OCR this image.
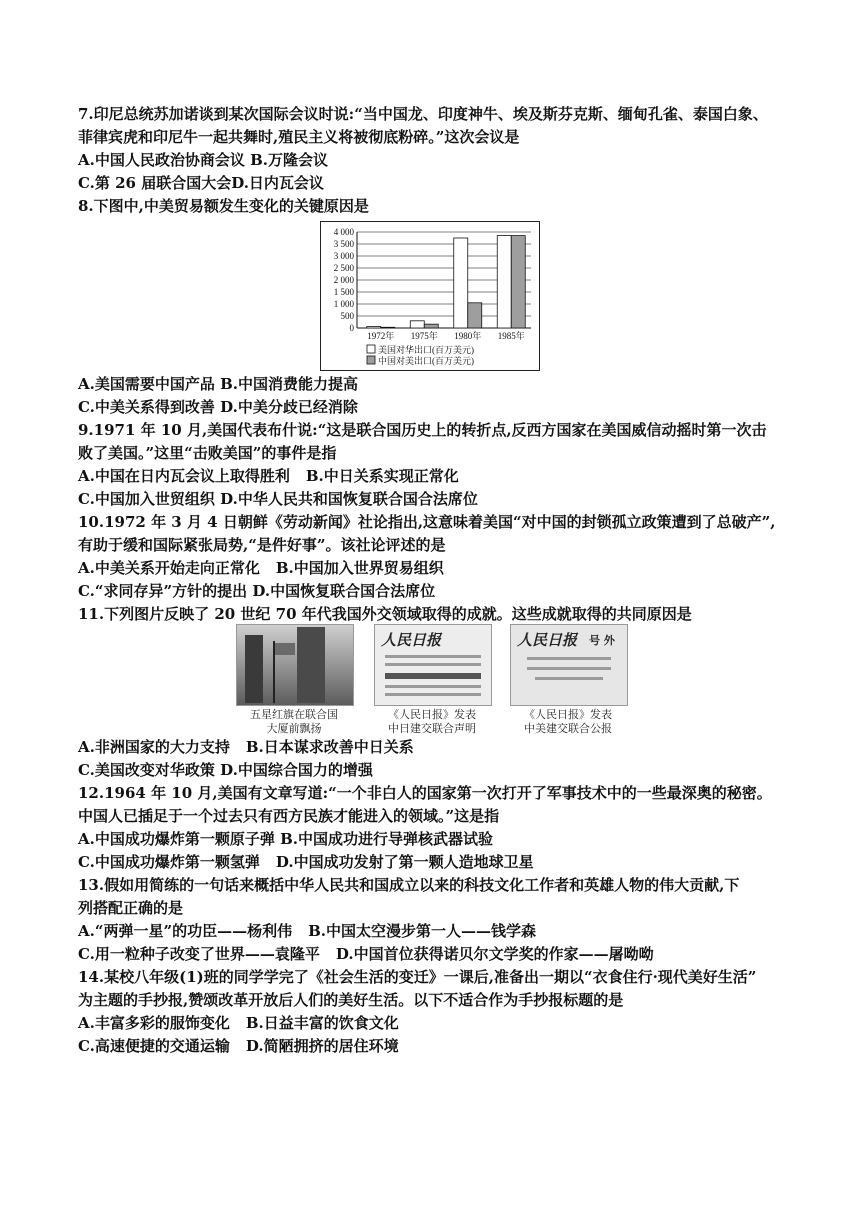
7.印尼总统苏加诺谈到某次国际会议时说:“当中国龙、印度神牛、埃及斯芬克斯、缅甸孔雀、泰国白象、
菲律宾虎和印尼牛一起共舞时,殖民主义将被彻底粉碎。”这次会议是
A.中国人民政治协商会议 B.万隆会议
C.第 26 届联合国大会D.日内瓦会议
8.下图中,中美贸易额发生变化的关键原因是
0
500
1 000
1 500
2 000
2 500
3 000
3 500
4 000
1972年 1975年 1980年 1985年
美国对华出口(百万美元)
中国对美出口(百万美元)
A.美国需要中国产品 B.中国消费能力提高
C.中美关系得到改善 D.中美分歧已经消除
9.1971 年 10 月,美国代表布什说:“这是联合国历史上的转折点,反西方国家在美国威信动摇时第一次击
败了美国。”这里“击败美国”的事件是指
A.中国在日内瓦会议上取得胜利 B.中日关系实现正常化
C.中国加入世贸组织 D.中华人民共和国恢复联合国合法席位
10.1972 年 3 月 4 日朝鲜《劳动新闻》社论指出,这意味着美国“对中国的封锁孤立政策遭到了总破产”,
有助于缓和国际紧张局势,“是件好事”。该社论评述的是
A.中美关系开始走向正常化 B.中国加入世界贸易组织
C.“求同存异”方针的提出 D.中国恢复联合国合法席位
11.下列图片反映了 20 世纪 70 年代我国外交领域取得的成就。这些成就取得的共同原因是
人民日报	人民日报 号 外
五星红旗在联合国
大厦前飘扬
《人民日报》发表
中日建交联合声明
《人民日报》发表
中美建交联合公报
A.非洲国家的大力支持 B.日本谋求改善中日关系
C.美国改变对华政策 D.中国综合国力的增强
12.1964 年 10 月,美国有文章写道:“一个非白人的国家第一次打开了军事技术中的一些最深奥的秘密。
中国人已插足于一个过去只有西方民族才能进入的领域。”这是指
A.中国成功爆炸第一颗原子弹 B.中国成功进行导弹核武器试验
C.中国成功爆炸第一颗氢弹 D.中国成功发射了第一颗人造地球卫星
13.假如用简练的一句话来概括中华人民共和国成立以来的科技文化工作者和英雄人物的伟大贡献,下
列搭配正确的是
A.“两弹一星”的功臣——杨利伟 B.中国太空漫步第一人——钱学森
C.用一粒种子改变了世界——袁隆平 D.中国首位获得诺贝尔文学奖的作家——屠呦呦
14.某校八年级(1)班的同学学完了《社会生活的变迁》一课后,准备出一期以“衣食住行·现代美好生活”
为主题的手抄报,赞颂改革开放后人们的美好生活。以下不适合作为手抄报标题的是
A.丰富多彩的服饰变化 B.日益丰富的饮食文化
C.高速便捷的交通运输 D.简陋拥挤的居住环境
